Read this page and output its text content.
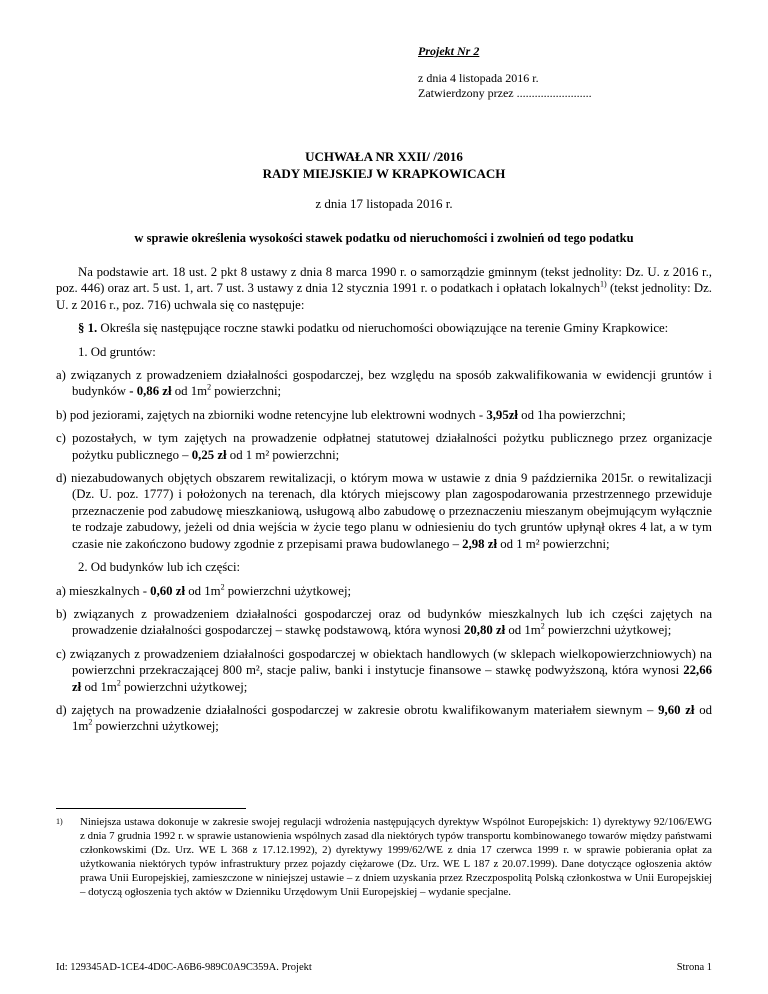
Projekt Nr 2
z dnia 4 listopada 2016 r.
Zatwierdzony przez .........................
UCHWAŁA NR XXII/ /2016
RADY MIEJSKIEJ W KRAPKOWICACH
z dnia 17 listopada 2016 r.
w sprawie określenia wysokości stawek podatku od nieruchomości i zwolnień od tego podatku

Na podstawie art. 18 ust. 2 pkt 8 ustawy z dnia 8 marca 1990 r. o samorządzie gminnym (tekst jednolity: Dz. U. z 2016 r., poz. 446) oraz art. 5 ust. 1, art. 7 ust. 3 ustawy z dnia 12 stycznia 1991 r. o podatkach i opłatach lokalnych$^{1)}$ (tekst jednolity: Dz. U. z 2016 r., poz. 716) uchwala się co następuje:

§ 1. Określa się następujące roczne stawki podatku od nieruchomości obowiązujące na terenie Gminy Krapkowice:

1. Od gruntów:

a) związanych z prowadzeniem działalności gospodarczej, bez względu na sposób zakwalifikowania w ewidencji gruntów i budynków - 0,86 zł od $1m^2$ powierzchni;

b) pod jeziorami, zajętych na zbiorniki wodne retencyjne lub elektrowni wodnych - 3,95zł od 1ha powierzchni;

c) pozostałych, w tym zajętych na prowadzenie odpłatnej statutowej działalności pożytku publicznego przez organizacje pożytku publicznego – 0,25 zł od 1 m² powierzchni;

d) niezabudowanych objętych obszarem rewitalizacji, o którym mowa w ustawie z dnia 9 października 2015r. o rewitalizacji (Dz. U. poz. 1777) i położonych na terenach, dla których miejscowy plan zagospodarowania przestrzennego przewiduje przeznaczenie pod zabudowę mieszkaniową, usługową albo zabudowę o przeznaczeniu mieszanym obejmującym wyłącznie te rodzaje zabudowy, jeżeli od dnia wejścia w życie tego planu w odniesieniu do tych gruntów upłynął okres 4 lat, a w tym czasie nie zakończono budowy zgodnie z przepisami prawa budowlanego – 2,98 zł od 1 m² powierzchni;

2. Od budynków lub ich części:

a) mieszkalnych - 0,60 zł od $1m^2$ powierzchni użytkowej;

b) związanych z prowadzeniem działalności gospodarczej oraz od budynków mieszkalnych lub ich części zajętych na prowadzenie działalności gospodarczej – stawkę podstawową, która wynosi 20,80 zł od $1m^2$ powierzchni użytkowej;

c) związanych z prowadzeniem działalności gospodarczej w obiektach handlowych (w sklepach wielkopowierzchniowych) na powierzchni przekraczającej 800 m², stacje paliw, banki i instytucje finansowe – stawkę podwyższoną, która wynosi 22,66 zł od $1m^2$ powierzchni użytkowej;

d) zajętych na prowadzenie działalności gospodarczej w zakresie obrotu kwalifikowanym materiałem siewnym – 9,60 zł od $1m^2$ powierzchni użytkowej;

1)	Niniejsza ustawa dokonuje w zakresie swojej regulacji wdrożenia następujących dyrektyw Wspólnot Europejskich: 1) dyrektywy 92/106/EWG z dnia 7 grudnia 1992 r. w sprawie ustanowienia wspólnych zasad dla niektórych typów transportu kombinowanego towarów między państwami członkowskimi (Dz. Urz. WE L 368 z 17.12.1992), 2) dyrektywy 1999/62/WE z dnia 17 czerwca 1999 r. w sprawie pobierania opłat za użytkowania niektórych typów infrastruktury przez pojazdy ciężarowe (Dz. Urz. WE L 187 z 20.07.1999). Dane dotyczące ogłoszenia aktów prawa Unii Europejskiej, zamieszczone w niniejszej ustawie – z dniem uzyskania przez Rzeczpospolitą Polską członkostwa w Unii Europejskiej – dotyczą ogłoszenia tych aktów w Dzienniku Urzędowym Unii Europejskiej – wydanie specjalne.
Id: 129345AD-1CE4-4D0C-A6B6-989C0A9C359A. Projekt	Strona 1
